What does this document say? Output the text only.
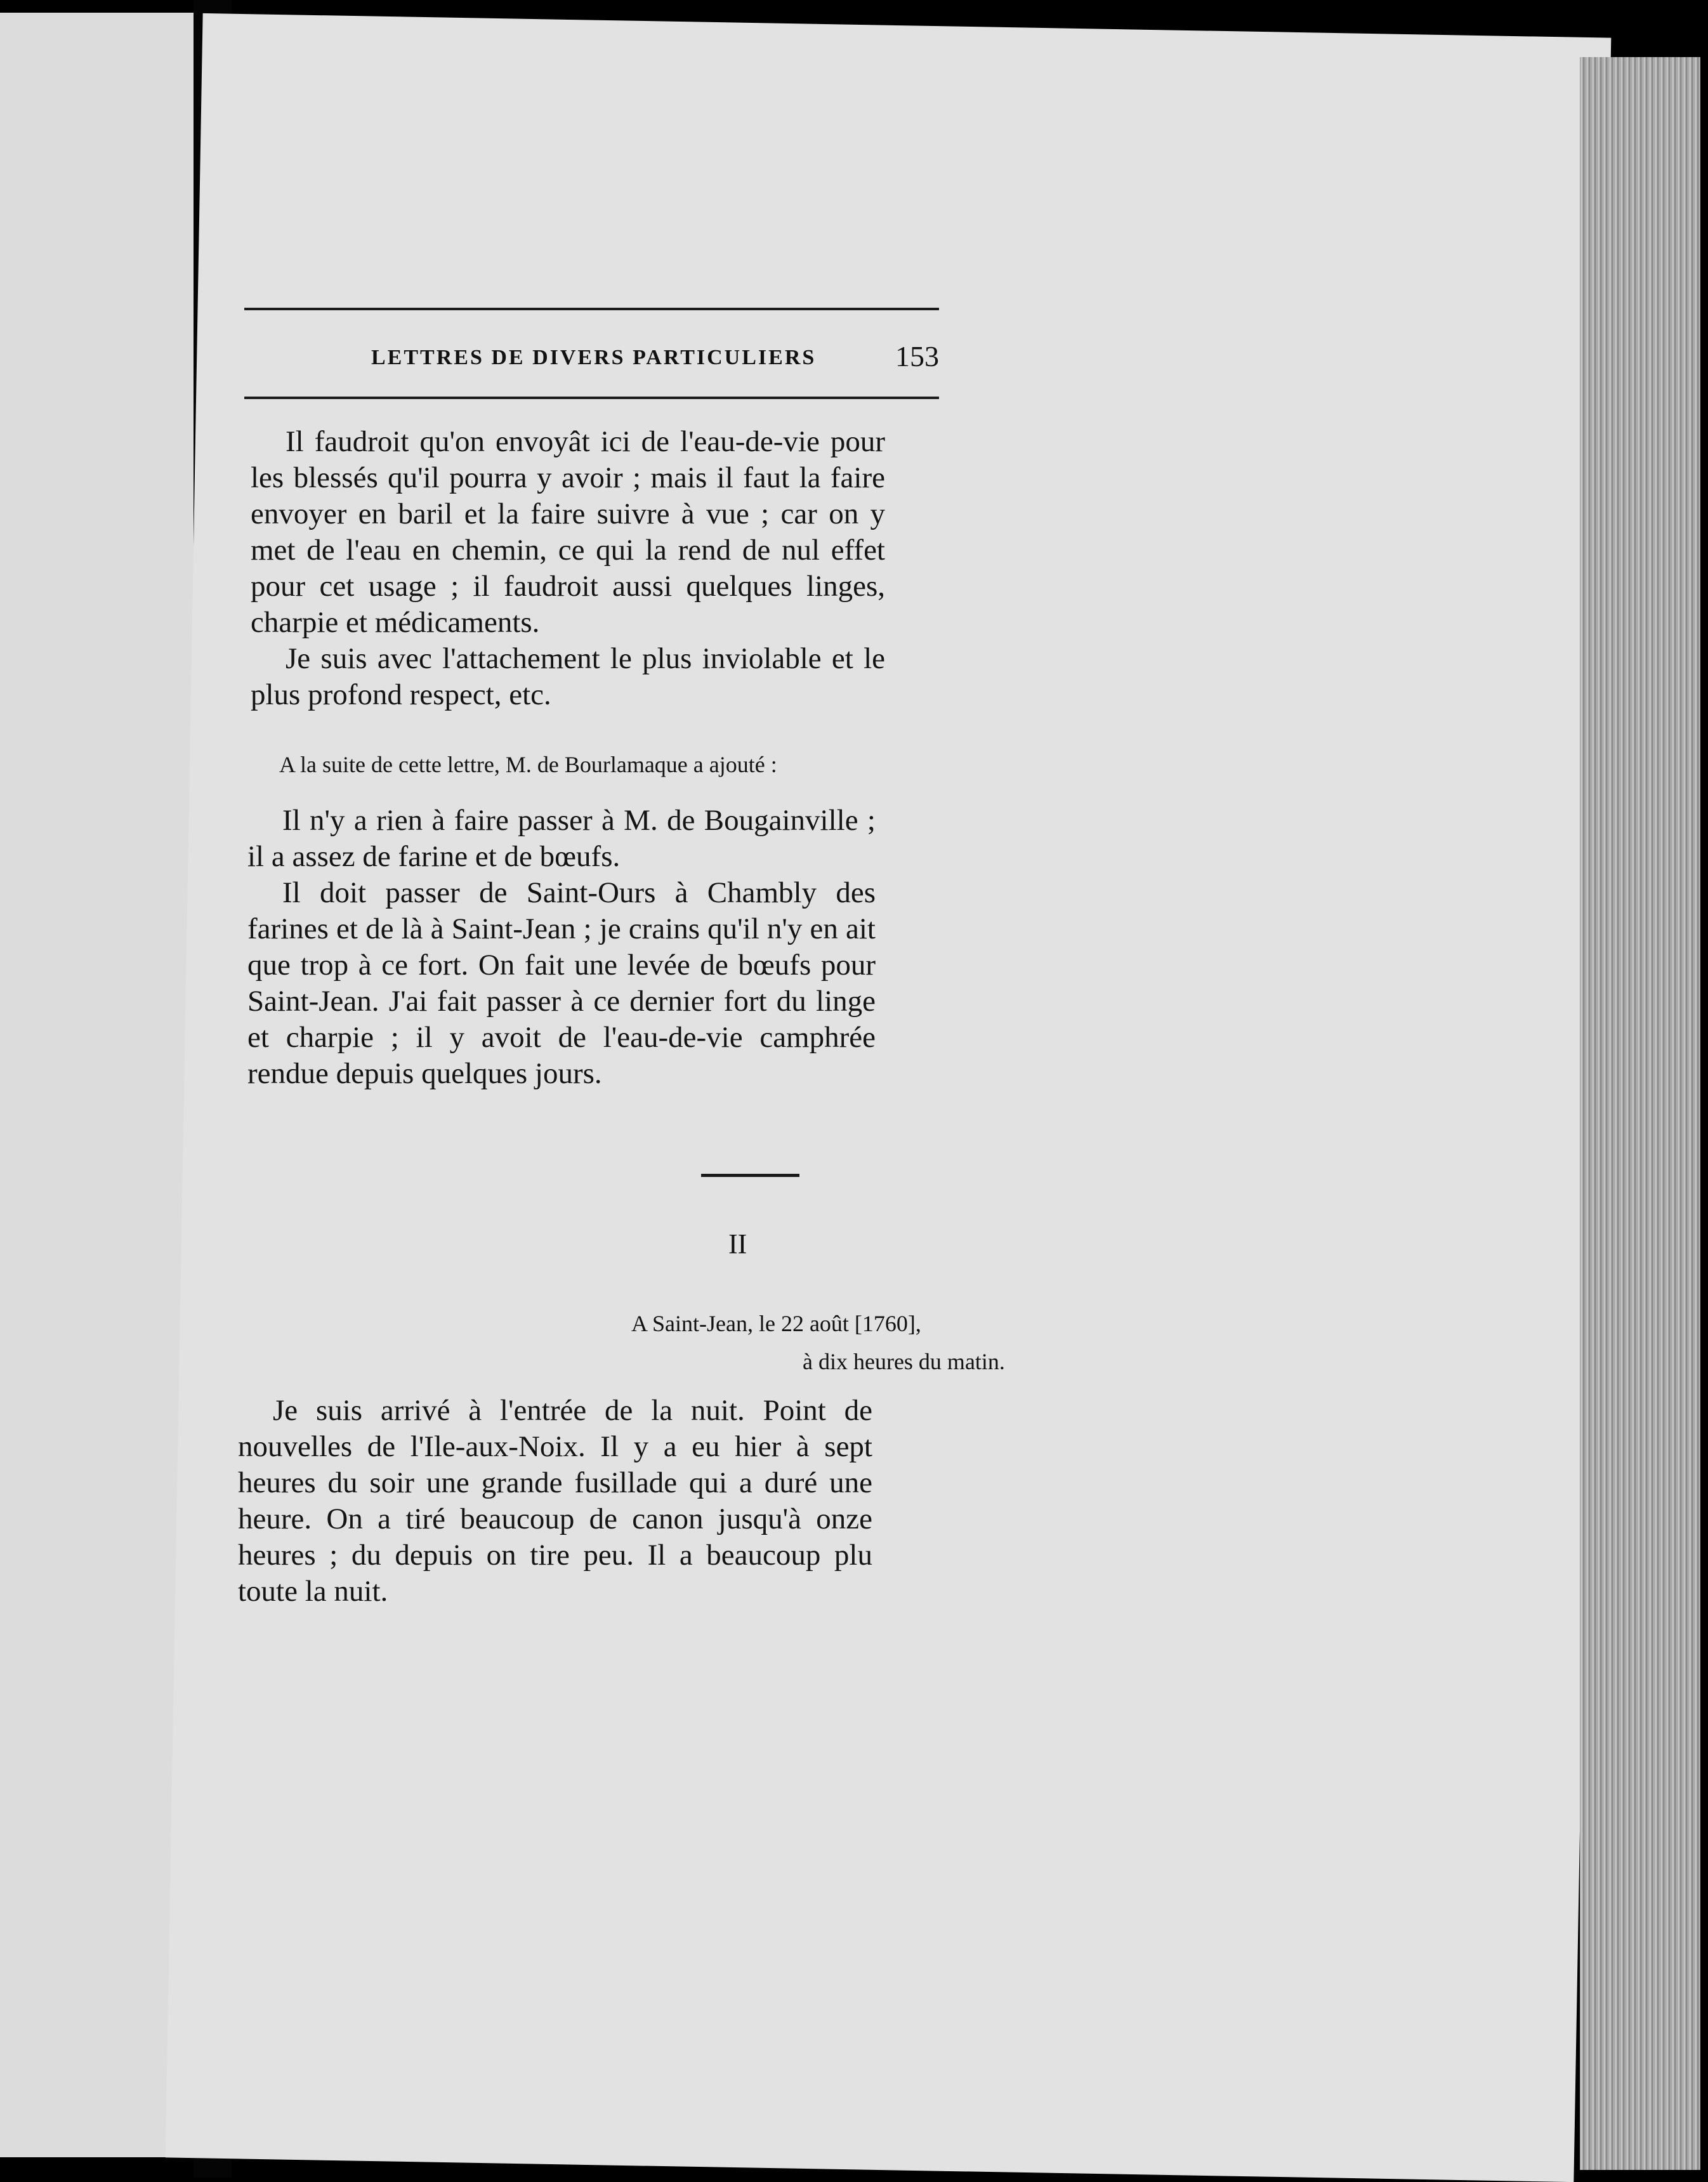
LETTRES DE DIVERS PARTICULIERS	153

Il faudroit qu'on envoyât ici de l'eau-de-vie pour les blessés qu'il pourra y avoir ; mais il faut la faire envoyer en baril et la faire suivre à vue ; car on y met de l'eau en chemin, ce qui la rend de nul effet pour cet usage ; il faudroit aussi quelques linges, charpie et médicaments.

Je suis avec l'attachement le plus inviolable et le plus profond respect, etc.

A la suite de cette lettre, M. de Bourlamaque a ajouté :

Il n'y a rien à faire passer à M. de Bougainville ; il a assez de farine et de bœufs.

Il doit passer de Saint-Ours à Chambly des farines et de là à Saint-Jean ; je crains qu'il n'y en ait que trop à ce fort. On fait une levée de bœufs pour Saint-Jean. J'ai fait passer à ce dernier fort du linge et charpie ; il y avoit de l'eau-de-vie camphrée rendue depuis quelques jours.

II
A Saint-Jean, le 22 août [1760],
à dix heures du matin.

Je suis arrivé à l'entrée de la nuit. Point de nouvelles de l'Ile-aux-Noix. Il y a eu hier à sept heures du soir une grande fusillade qui a duré une heure. On a tiré beaucoup de canon jusqu'à onze heures ; du depuis on tire peu. Il a beaucoup plu toute la nuit.
